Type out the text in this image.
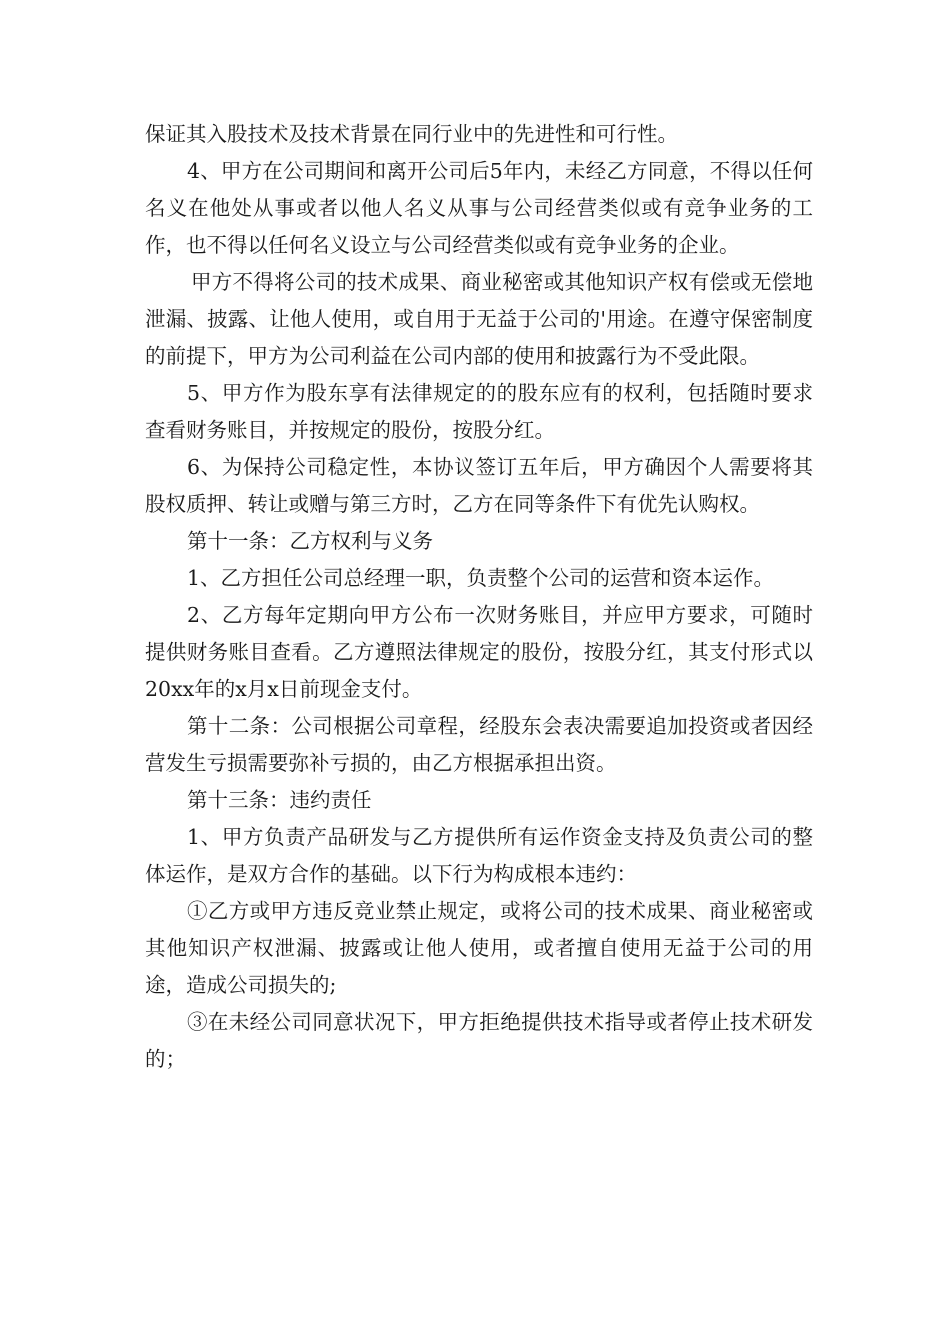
保证其入股技术及技术背景在同行业中的先进性和可行性。

4、甲方在公司期间和离开公司后5年内，未经乙方同意，不得以任何名义在他处从事或者以他人名义从事与公司经营类似或有竞争业务的工作，也不得以任何名义设立与公司经营类似或有竞争业务的企业。

甲方不得将公司的技术成果、商业秘密或其他知识产权有偿或无偿地泄漏、披露、让他人使用，或自用于无益于公司的'用途。在遵守保密制度的前提下，甲方为公司利益在公司内部的使用和披露行为不受此限。

5、甲方作为股东享有法律规定的的股东应有的权利，包括随时要求查看财务账目，并按规定的股份，按股分红。

6、为保持公司稳定性，本协议签订五年后，甲方确因个人需要将其股权质押、转让或赠与第三方时，乙方在同等条件下有优先认购权。

第十一条：乙方权利与义务

1、乙方担任公司总经理一职，负责整个公司的运营和资本运作。

2、乙方每年定期向甲方公布一次财务账目，并应甲方要求，可随时提供财务账目查看。乙方遵照法律规定的股份，按股分红，其支付形式以20xx年的x月x日前现金支付。

第十二条：公司根据公司章程，经股东会表决需要追加投资或者因经营发生亏损需要弥补亏损的，由乙方根据承担出资。

第十三条：违约责任

1、甲方负责产品研发与乙方提供所有运作资金支持及负责公司的整体运作，是双方合作的基础。以下行为构成根本违约：

①乙方或甲方违反竞业禁止规定，或将公司的技术成果、商业秘密或其他知识产权泄漏、披露或让他人使用，或者擅自使用无益于公司的用途，造成公司损失的;

③在未经公司同意状况下，甲方拒绝提供技术指导或者停止技术研发的；
